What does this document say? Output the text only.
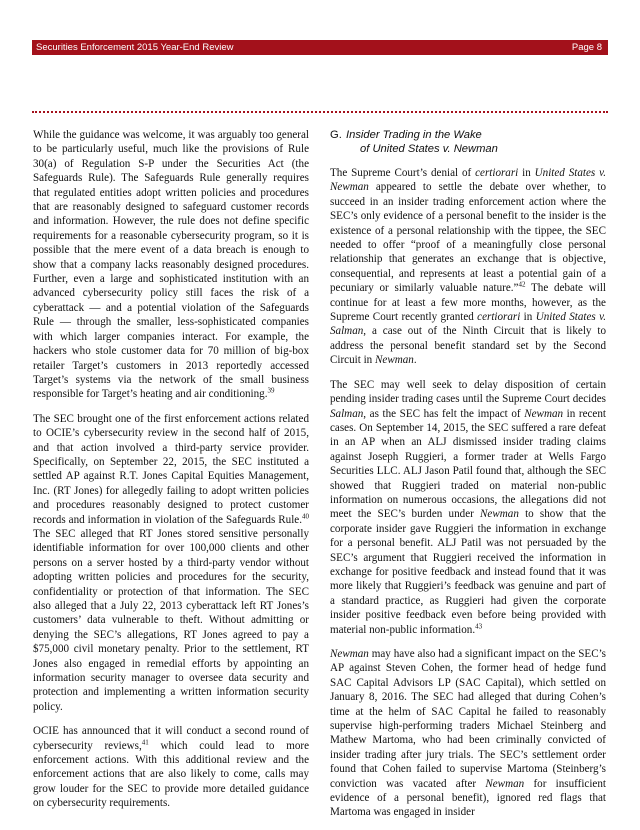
Securities Enforcement 2015 Year-End Review	Page 8

While the guidance was welcome, it was arguably too general to be particularly useful, much like the provisions of Rule 30(a) of Regulation S-P under the Securities Act (the Safeguards Rule). The Safeguards Rule generally requires that regulated entities adopt written policies and procedures that are reasonably designed to safeguard customer records and information. However, the rule does not define specific requirements for a reasonable cybersecurity program, so it is possible that the mere event of a data breach is enough to show that a company lacks reasonably designed procedures. Further, even a large and sophisticated institution with an advanced cybersecurity policy still faces the risk of a cyberattack — and a potential violation of the Safeguards Rule — through the smaller, less-sophisticated companies with which larger companies interact. For example, the hackers who stole customer data for 70 million of big-box retailer Target’s customers in 2013 reportedly accessed Target’s systems via the network of the small business responsible for Target’s heating and air conditioning.$^{39}$

The SEC brought one of the first enforcement actions related to OCIE’s cybersecurity review in the second half of 2015, and that action involved a third-party service provider. Specifically, on September 22, 2015, the SEC instituted a settled AP against R.T. Jones Capital Equities Management, Inc. (RT Jones) for allegedly failing to adopt written policies and procedures reasonably designed to protect customer records and information in violation of the Safeguards Rule.$^{40}$ The SEC alleged that RT Jones stored sensitive personally identifiable information for over 100,000 clients and other persons on a server hosted by a third-party vendor without adopting written policies and procedures for the security, confidentiality or protection of that information. The SEC also alleged that a July 22, 2013 cyberattack left RT Jones’s customers’ data vulnerable to theft. Without admitting or denying the SEC’s allegations, RT Jones agreed to pay a $75,000 civil monetary penalty. Prior to the settlement, RT Jones also engaged in remedial efforts by appointing an information security manager to oversee data security and protection and implementing a written information security policy.

OCIE has announced that it will conduct a second round of cybersecurity reviews,$^{41}$ which could lead to more enforcement actions. With this additional review and the enforcement actions that are also likely to come, calls may grow louder for the SEC to provide more detailed guidance on cybersecurity requirements.

G. Insider Trading in the Wake
of United States v. Newman

The Supreme Court’s denial of certiorari in United States v. Newman appeared to settle the debate over whether, to succeed in an insider trading enforcement action where the SEC’s only evidence of a personal benefit to the insider is the existence of a personal relationship with the tippee, the SEC needed to offer “proof of a meaningfully close personal relationship that generates an exchange that is objective, consequential, and represents at least a potential gain of a pecuniary or similarly valuable nature.”$^{42}$ The debate will continue for at least a few more months, however, as the Supreme Court recently granted certiorari in United States v. Salman, a case out of the Ninth Circuit that is likely to address the personal benefit standard set by the Second Circuit in Newman.

The SEC may well seek to delay disposition of certain pending insider trading cases until the Supreme Court decides Salman, as the SEC has felt the impact of Newman in recent cases. On September 14, 2015, the SEC suffered a rare defeat in an AP when an ALJ dismissed insider trading claims against Joseph Ruggieri, a former trader at Wells Fargo Securities LLC. ALJ Jason Patil found that, although the SEC showed that Ruggieri traded on material non-public information on numerous occasions, the allegations did not meet the SEC’s burden under Newman to show that the corporate insider gave Ruggieri the information in exchange for a personal benefit. ALJ Patil was not persuaded by the SEC’s argument that Ruggieri received the information in exchange for positive feedback and instead found that it was more likely that Ruggieri’s feedback was genuine and part of a standard practice, as Ruggieri had given the corporate insider positive feedback even before being provided with material non-public information.$^{43}$

Newman may have also had a significant impact on the SEC’s AP against Steven Cohen, the former head of hedge fund SAC Capital Advisors LP (SAC Capital), which settled on January 8, 2016. The SEC had alleged that during Cohen’s time at the helm of SAC Capital he failed to reasonably supervise high-performing traders Michael Steinberg and Mathew Martoma, who had been criminally convicted of insider trading after jury trials. The SEC’s settlement order found that Cohen failed to supervise Martoma (Steinberg’s conviction was vacated after Newman for insufficient evidence of a personal benefit), ignored red flags that Martoma was engaged in insider
